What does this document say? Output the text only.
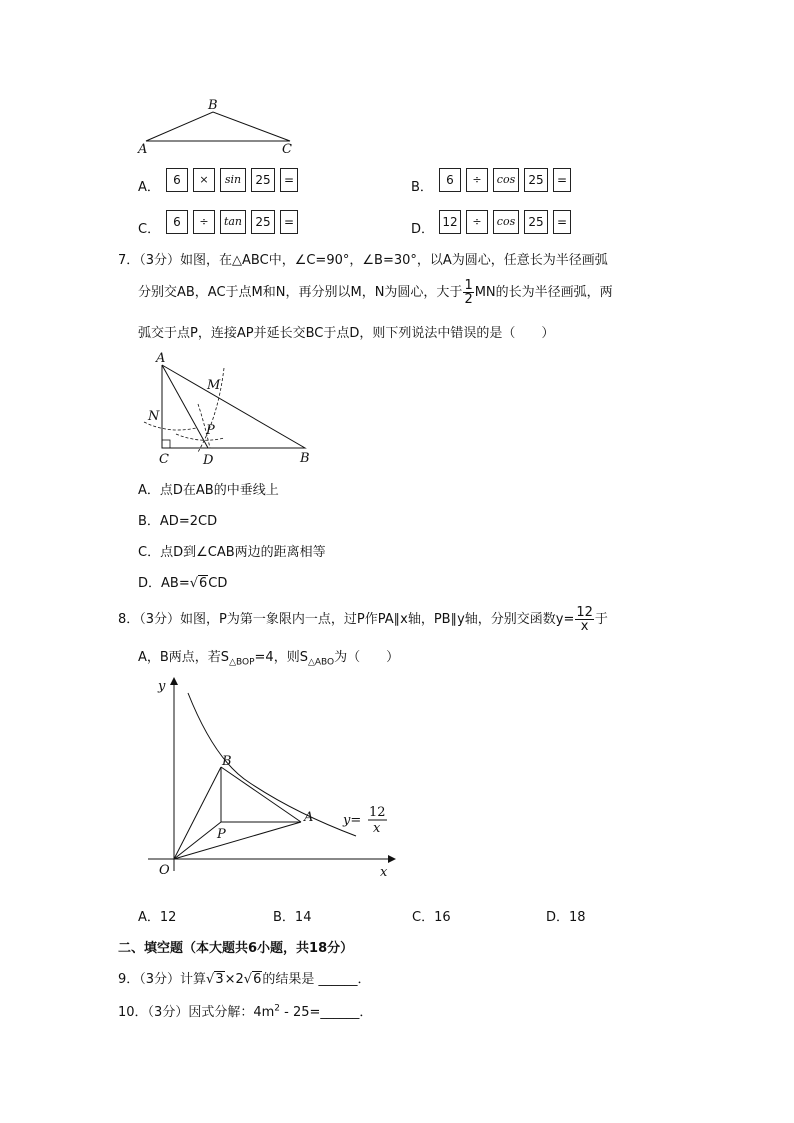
B
A	C
A．
6	×	sin	25	=
B．
6	÷	cos	25	=
C．
6	÷	tan	25	=
D．
12	÷	cos	25	=
7．（3分）如图，在△ABC中，∠C=90°，∠B=30°，以A为圆心，任意长为半径画弧
分别交AB，AC于点M和N，再分别以M，N为圆心，大于 $\frac{1}{2}$ MN的长为半径画弧，两
弧交于点P，连接AP并延长交BC于点D，则下列说法中错误的是（　　）
A
M
N
P
C	D	B
A．点D在AB的中垂线上
B．AD=2CD
C．点D到∠CAB两边的距离相等
D．AB=√6CD
8．（3分）如图，P为第一象限内一点，过P作PA∥x轴，PB∥y轴，分别交函数$y= \frac{12}{x}$ 于
A，B两点，若$S_{\triangle BOP}=4$，则$S_{\triangle ABO}$为（　　）
y
x
O
B
A
P
y=
12
x
A．12	B．14	C．16	D．18
二、填空题（本大题共6小题，共18分）
9．（3分）计算√3×2√6的结果是 ______．
10．（3分）因式分解：$4m^2$ - 25=______．
